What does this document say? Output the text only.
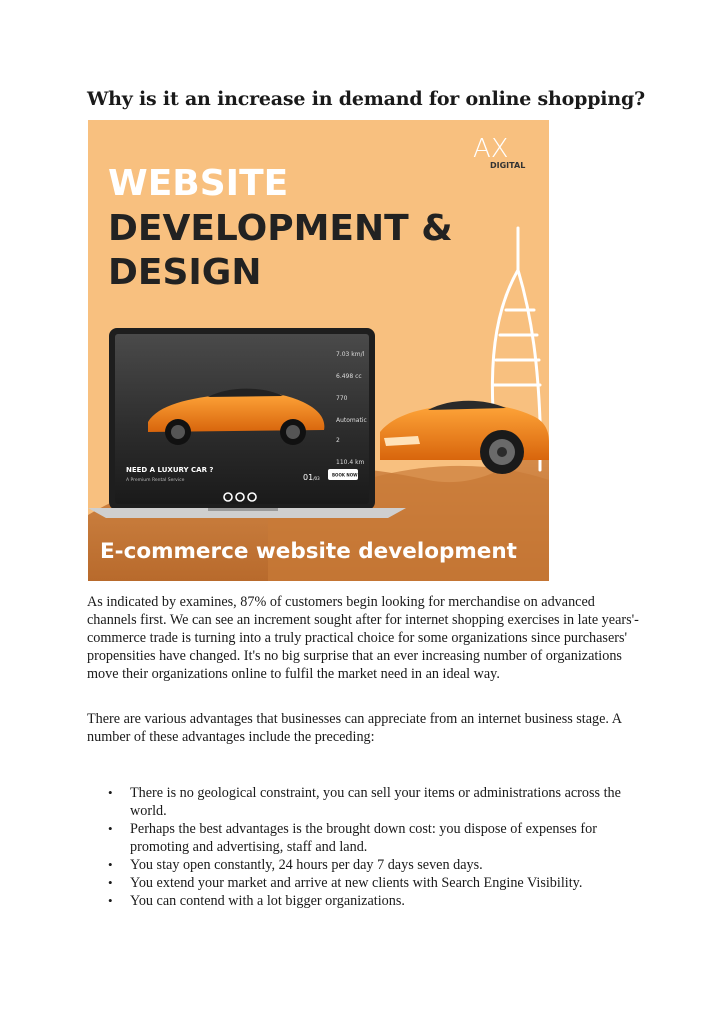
Why is it an increase in demand for online shopping?
AX
DIGITAL
WEBSITE
DEVELOPMENT &
DESIGN
7.03 km/l
6.498 cc
770
Automatic
2
110.4 km
NEED A LUXURY CAR ?
A Premium Rental Service	01/03
BOOK NOW
E-commerce website development

As indicated by examines, 87% of customers begin looking for merchandise on advanced channels first. We can see an increment sought after for internet shopping exercises in late years'-commerce trade is turning into a truly practical choice for some organizations since purchasers' propensities have changed. It's no big surprise that an ever increasing number of organizations move their organizations online to fulfil the market need in an ideal way.

There are various advantages that businesses can appreciate from an internet business stage. A number of these advantages include the preceding:

• There is no geological constraint, you can sell your items or administrations across the world.
• Perhaps the best advantages is the brought down cost: you dispose of expenses for promoting and advertising, staff and land.
• You stay open constantly, 24 hours per day 7 days seven days.
• You extend your market and arrive at new clients with Search Engine Visibility.
• You can contend with a lot bigger organizations.
